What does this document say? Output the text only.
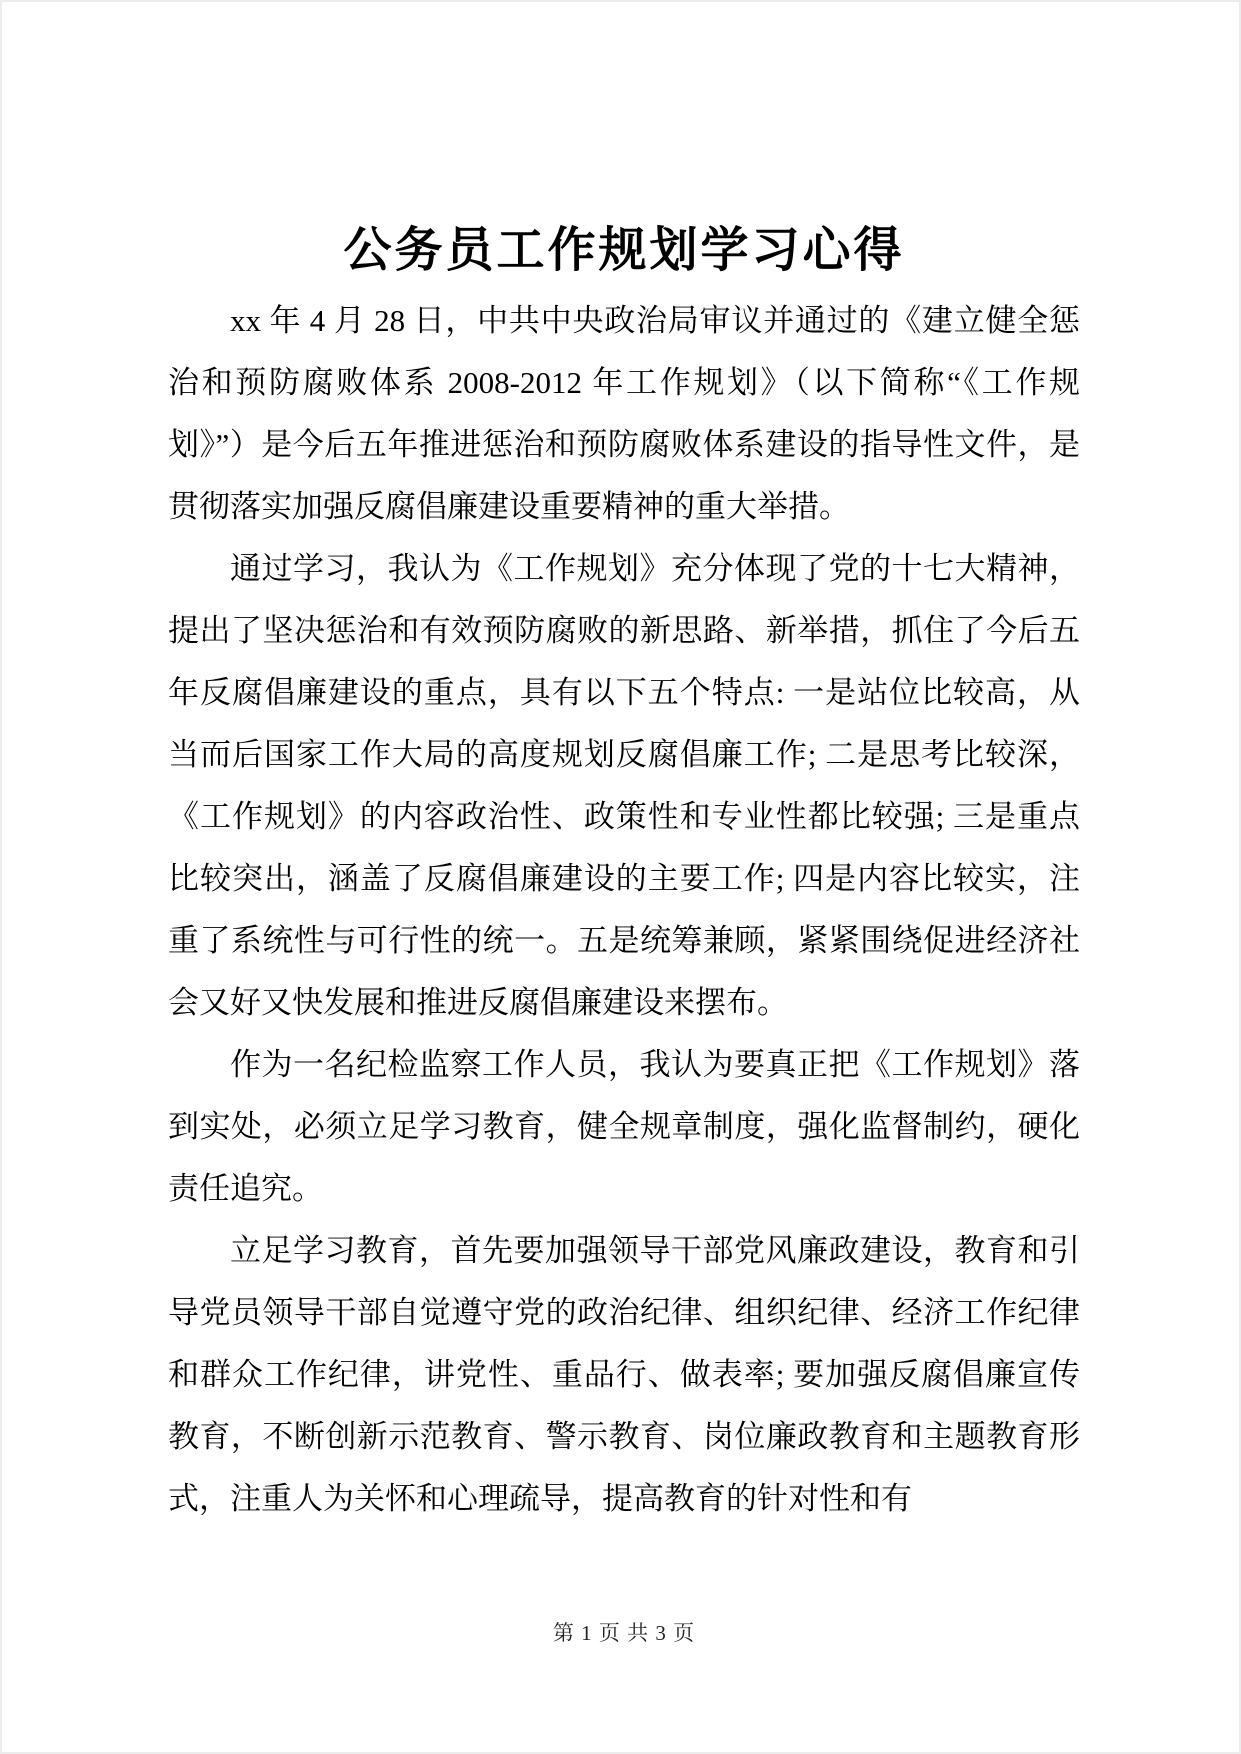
公务员工作规划学习心得

xx 年 4 月 28 日，中共中央政治局审议并通过的《建立健全惩治和预防腐败体系 2008-2012 年工作规划》（以下简称“《工作规划》”）是今后五年推进惩治和预防腐败体系建设的指导性文件，是贯彻落实加强反腐倡廉建设重要精神的重大举措。

通过学习，我认为《工作规划》充分体现了党的十七大精神，提出了坚决惩治和有效预防腐败的新思路、新举措，抓住了今后五年反腐倡廉建设的重点，具有以下五个特点: 一是站位比较高，从当而后国家工作大局的高度规划反腐倡廉工作; 二是思考比较深，《工作规划》的内容政治性、政策性和专业性都比较强; 三是重点比较突出，涵盖了反腐倡廉建设的主要工作; 四是内容比较实，注重了系统性与可行性的统一。五是统筹兼顾，紧紧围绕促进经济社会又好又快发展和推进反腐倡廉建设来摆布。

作为一名纪检监察工作人员，我认为要真正把《工作规划》落到实处，必须立足学习教育，健全规章制度，强化监督制约，硬化责任追究。

立足学习教育，首先要加强领导干部党风廉政建设，教育和引导党员领导干部自觉遵守党的政治纪律、组织纪律、经济工作纪律和群众工作纪律，讲党性、重品行、做表率; 要加强反腐倡廉宣传教育，不断创新示范教育、警示教育、岗位廉政教育和主题教育形式，注重人为关怀和心理疏导，提高教育的针对性和有

第 1 页 共 3 页
